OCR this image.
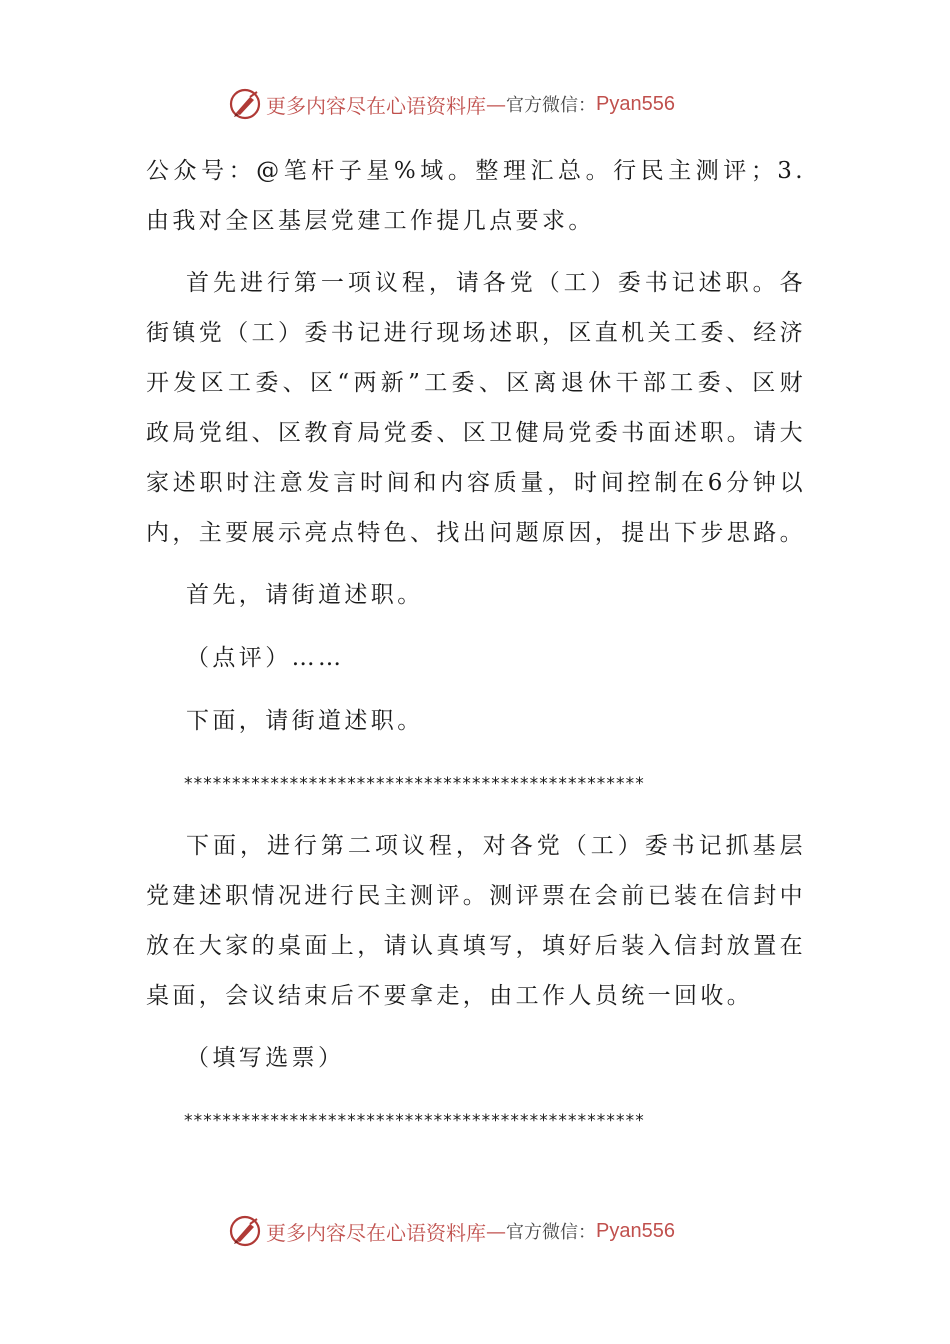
更多内容尽在心语资料库 — 官方微信： Pyan556

公众号：@笔杆子星%域。整理汇总。行民主测评；3.由我对全区基层党建工作提几点要求。

首先进行第一项议程，请各党（工）委书记述职。各街镇党（工）委书记进行现场述职，区直机关工委、经济开发区工委、区“两新”工委、区离退休干部工委、区财政局党组、区教育局党委、区卫健局党委书面述职。请大家述职时注意发言时间和内容质量，时间控制在6分钟以内，主要展示亮点特色、找出问题原因，提出下步思路。

首先，请街道述职。

（点评）……

下面，请街道述职。

************************************************

下面，进行第二项议程，对各党（工）委书记抓基层党建述职情况进行民主测评。测评票在会前已装在信封中放在大家的桌面上，请认真填写，填好后装入信封放置在桌面，会议结束后不要拿走，由工作人员统一回收。

（填写选票）

************************************************
更多内容尽在心语资料库 — 官方微信： Pyan556
